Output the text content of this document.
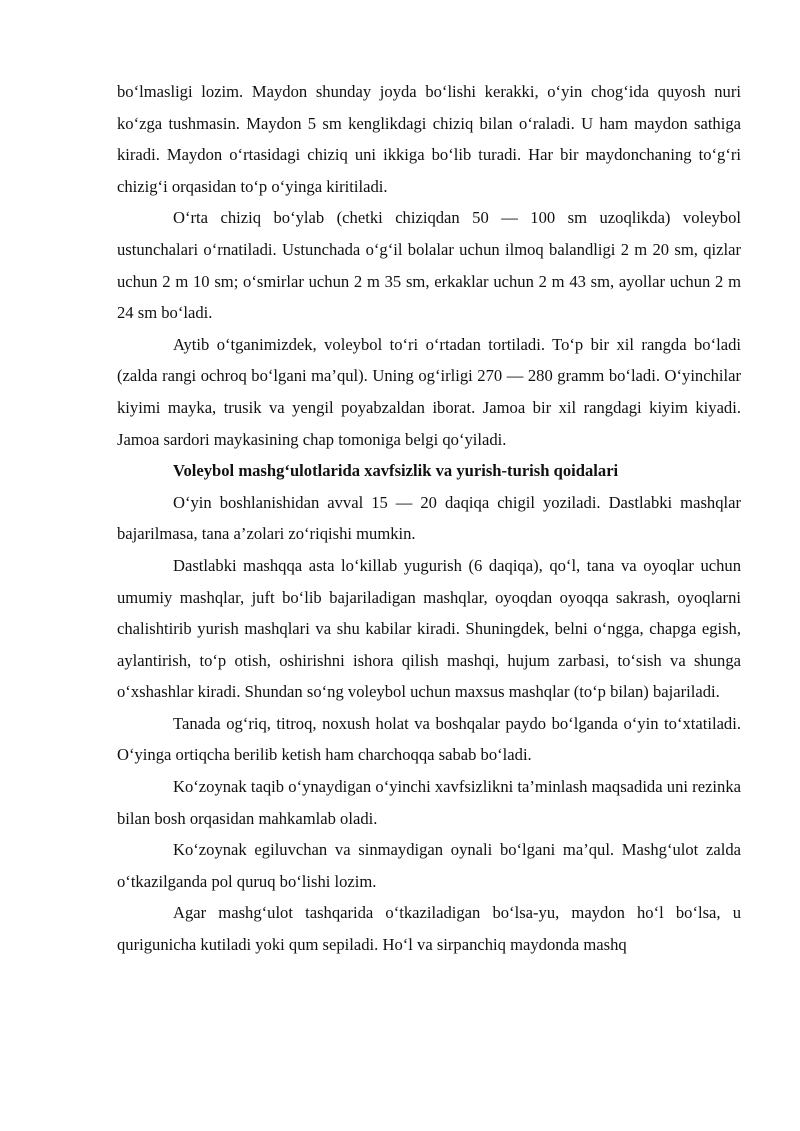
bo‘lmasligi lozim. Maydon shunday joyda bo‘lishi kerakki, o‘yin chog‘ida quyosh nuri ko‘zga tushmasin. Maydon 5 sm kenglikdagi chiziq bilan o‘raladi. U ham maydon sathiga kiradi. Maydon o‘rtasidagi chiziq uni ikkiga bo‘lib turadi. Har bir maydonchaning to‘g‘ri chizig‘i orqasidan to‘p o‘yinga kiritiladi.

O‘rta chiziq bo‘ylab (chetki chiziqdan 50 — 100 sm uzoqlikda) voleybol ustunchalari o‘rnatiladi. Ustunchada o‘g‘il bolalar uchun ilmoq balandligi 2 m 20 sm, qizlar uchun 2 m 10 sm; o‘smirlar uchun 2 m 35 sm, erkaklar uchun 2 m 43 sm, ayollar uchun 2 m 24 sm bo‘ladi.

Aytib o‘tganimizdek, voleybol to‘ri o‘rtadan tortiladi. To‘p bir xil rangda bo‘ladi (zalda rangi ochroq bo‘lgani ma’qul). Uning og‘irligi 270 — 280 gramm bo‘ladi. O‘yinchilar kiyimi mayka, trusik va yengil poyabzaldan iborat. Jamoa bir xil rangdagi kiyim kiyadi. Jamoa sardori maykasining chap tomoniga belgi qo‘yiladi.

Voleybol mashg‘ulotlarida xavfsizlik va yurish-turish qoidalari

O‘yin boshlanishidan avval 15 — 20 daqiqa chigil yoziladi. Dastlabki mashqlar bajarilmasa, tana a’zolari zo‘riqishi mumkin.

Dastlabki mashqqa asta lo‘killab yugurish (6 daqiqa), qo‘l, tana va oyoqlar uchun umumiy mashqlar, juft bo‘lib bajariladigan mashqlar, oyoqdan oyoqqa sakrash, oyoqlarni chalishtirib yurish mashqlari va shu kabilar kiradi. Shuningdek, belni o‘ngga, chapga egish, aylantirish, to‘p otish, oshirishni ishora qilish mashqi, hujum zarbasi, to‘sish va shunga o‘xshashlar kiradi. Shundan so‘ng voleybol uchun maxsus mashqlar (to‘p bilan) bajariladi.

Tanada og‘riq, titroq, noxush holat va boshqalar paydo bo‘lganda o‘yin to‘xtatiladi. O‘yinga ortiqcha berilib ketish ham charchoqqa sabab bo‘ladi.

Ko‘zoynak taqib o‘ynaydigan o‘yinchi xavfsizlikni ta’minlash maqsadida uni rezinka bilan bosh orqasidan mahkamlab oladi.

Ko‘zoynak egiluvchan va sinmaydigan oynali bo‘lgani ma’qul. Mashg‘ulot zalda o‘tkazilganda pol quruq bo‘lishi lozim.

Agar mashg‘ulot tashqarida o‘tkaziladigan bo‘lsa-yu, maydon ho‘l bo‘lsa, u qurigunicha kutiladi yoki qum sepiladi. Ho‘l va sirpanchiq maydonda mashq
